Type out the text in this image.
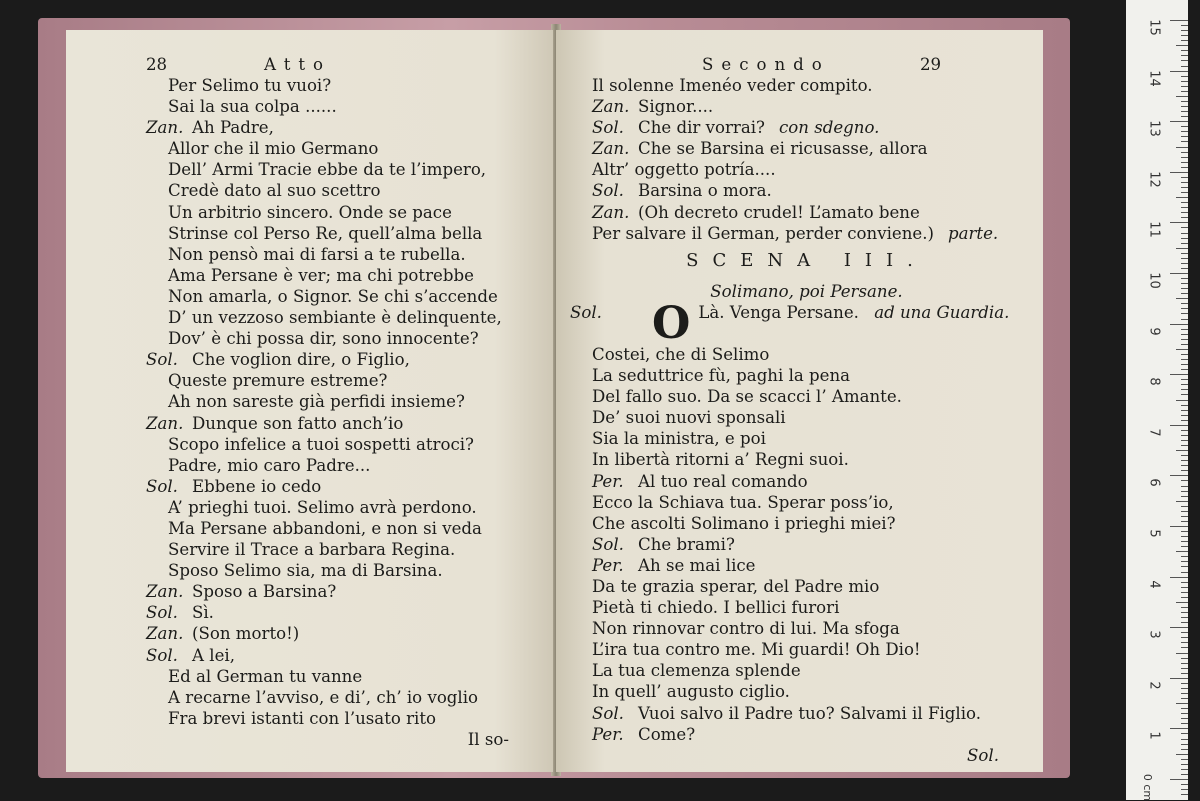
28	Atto
Per Selimo tu vuoi?
Sai la sua colpa ......
Zan. Ah Padre,
Allor che il mio Germano
Dell’ Armi Tracie ebbe da te l’impero,
Credè dato al suo scettro
Un arbitrio sincero. Onde se pace
Strinse col Perso Re, quell’alma bella
Non pensò mai di farsi a te rubella.
Ama Persane è ver; ma chi potrebbe
Non amarla, o Signor. Se chi s’accende
D’ un vezzoso sembiante è delinquente,
Dov’ è chi possa dir, sono innocente?
Sol. Che voglion dire, o Figlio,
Queste premure estreme?
Ah non sareste già perfidi insieme?
Zan. Dunque son fatto anch’io
Scopo infelice a tuoi sospetti atroci?
Padre, mio caro Padre...
Sol. Ebbene io cedo
A’ prieghi tuoi. Selimo avrà perdono.
Ma Persane abbandoni, e non si veda
Servire il Trace a barbara Regina.
Sposo Selimo sia, ma di Barsina.
Zan. Sposo a Barsina?
Sol. Sì.
Zan. (Son morto!)
Sol. A lei,
Ed al German tu vanne
A recarne l’avviso, e di’, ch’ io voglio
Fra brevi istanti con l’usato rito
Il so-
Secondo	29
Il solenne Imenéo veder compito.
Zan. Signor....
Sol. Che dir vorrai? con sdegno.
Zan. Che se Barsina ei ricusasse, allora
Altr’ oggetto potría....
Sol. Barsina o mora.
Zan. (Oh decreto crudel! L’amato bene
Per salvare il German, perder conviene.) parte.
SCENA III.
Solimano, poi Persane.
Sol.	O Là. Venga Persane. ad una Guardia.
Costei, che di Selimo
La seduttrice fù, paghi la pena
Del fallo suo. Da se scacci l’ Amante.
De’ suoi nuovi sponsali
Sia la ministra, e poi
In libertà ritorni a’ Regni suoi.
Per. Al tuo real comando
Ecco la Schiava tua. Sperar poss’io,
Che ascolti Solimano i prieghi miei?
Sol. Che brami?
Per. Ah se mai lice
Da te grazia sperar, del Padre mio
Pietà ti chiedo. I bellici furori
Non rinnovar contro di lui. Ma sfoga
L’ira tua contro me. Mi guardi! Oh Dio!
La tua clemenza splende
In quell’ augusto ciglio.
Sol. Vuoi salvo il Padre tuo? Salvami il Figlio.
Per. Come?
Sol.
0 cm
15
14
13
12
11
10
9
8
7
6
5
4
3
2
1
